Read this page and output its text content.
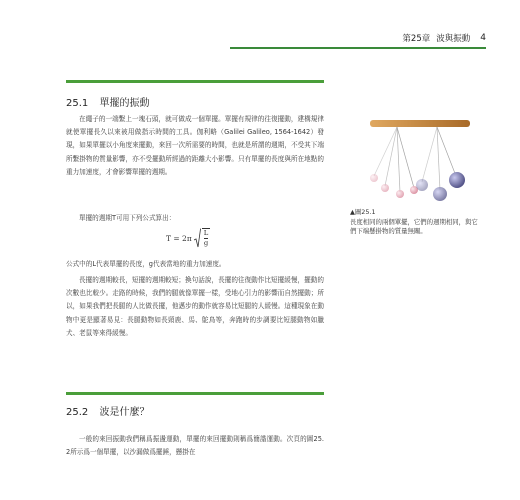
第25章 波與振動 4
25.1 單擺的振動
在繩子的一端繫上一塊石頭，就可做成一個單擺。單擺有規律的往復擺動，建構規律就使單擺長久以來被用做指示時間的工具。伽利略（Galilei Galileo, 1564-1642）發現，如果單擺以小角度來擺動，來回一次所需要的時間，也就是所謂的週期，不受其下端所繫掛物的質量影響，亦不受擺動所經過的距離大小影響。只有單擺的長度與所在地點的重力加速度，才會影響單擺的週期。
單擺的週期T可用下列公式算出：
$T = 2\pi \frac{L}{g}$
公式中的L代表單擺的長度，g代表當地的重力加速度。
長擺的週期較長，短擺的週期較短；換句話說，長擺的往復動作比短擺緩慢，擺動的次數也比較少。走路的時候，我們的腿就像單擺一樣，受地心引力的影響而自然擺動；所以，如果我們把長腿的人比做長擺，他邁步的動作就容易比短腿的人緩慢。這種現象在動物中更是顯著易見：長腿動物如長頸鹿、馬、鴕鳥等，奔跑時的步調要比短腿動物如臘犬、老鼠等來得緩慢。
25.2 波是什麼？
一般的來回振動我們稱爲振盪運動，單擺的來回擺動則稱爲簡諧運動。次頁的圖25.2所示爲一個單擺，以沙漏做爲擺錘，懸掛在
▲圖25.1
長度相同的兩個單擺，它們的週期相同，與它們下端懸掛物的質量無關。
